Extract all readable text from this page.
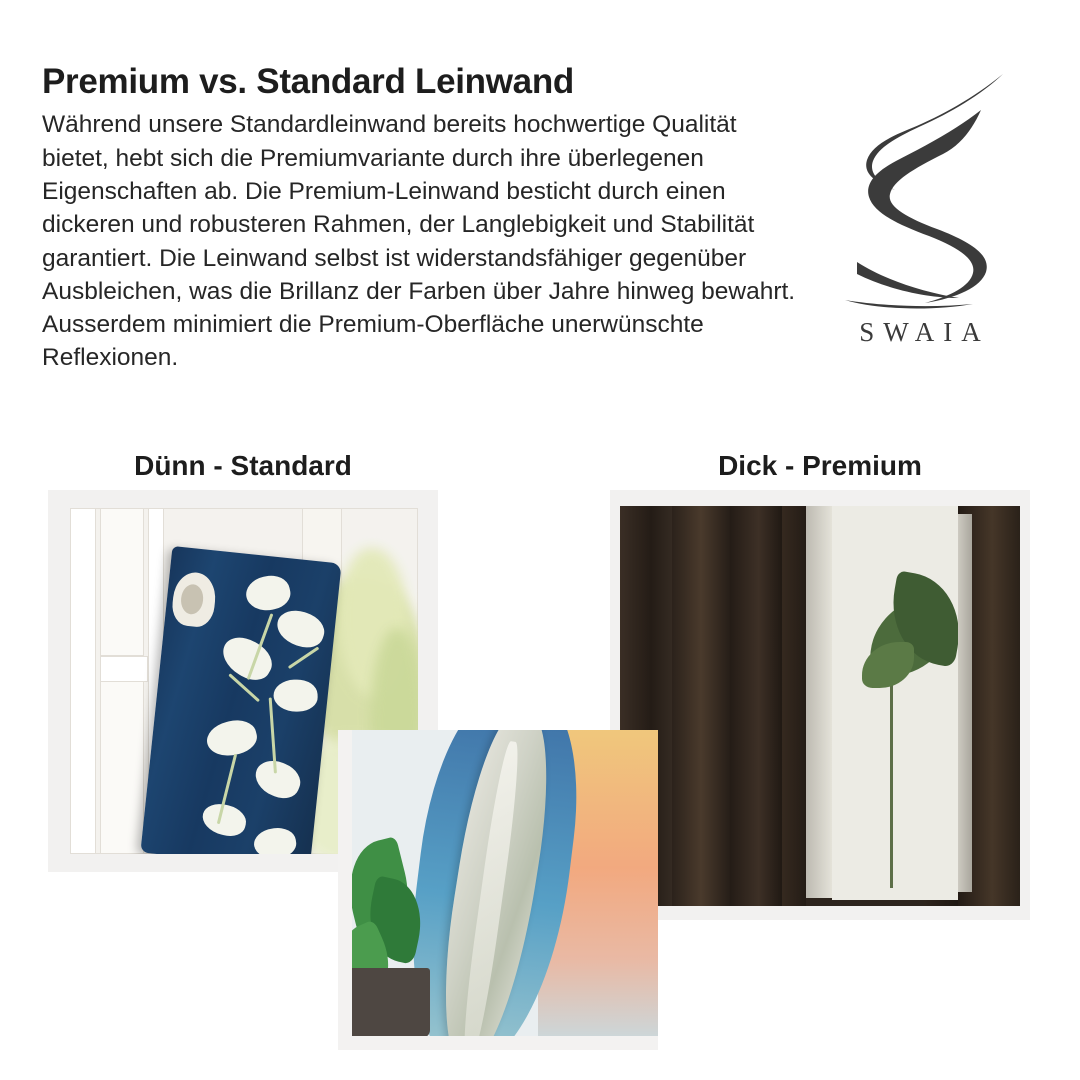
Premium vs. Standard Leinwand

Während unsere Standardleinwand bereits hochwertige Qualität bietet, hebt sich die Premiumvariante durch ihre überlegenen Eigenschaften ab. Die Premium-Leinwand besticht durch einen dickeren und robusteren Rahmen, der Langlebigkeit und Stabilität garantiert. Die Leinwand selbst ist widerstandsfähiger gegenüber Ausbleichen, was die Brillanz der Farben über Jahre hinweg bewahrt. Ausserdem minimiert die Premium-Oberfläche unerwünschte Reflexionen.

SWAIA
Dünn - Standard	Dick - Premium
